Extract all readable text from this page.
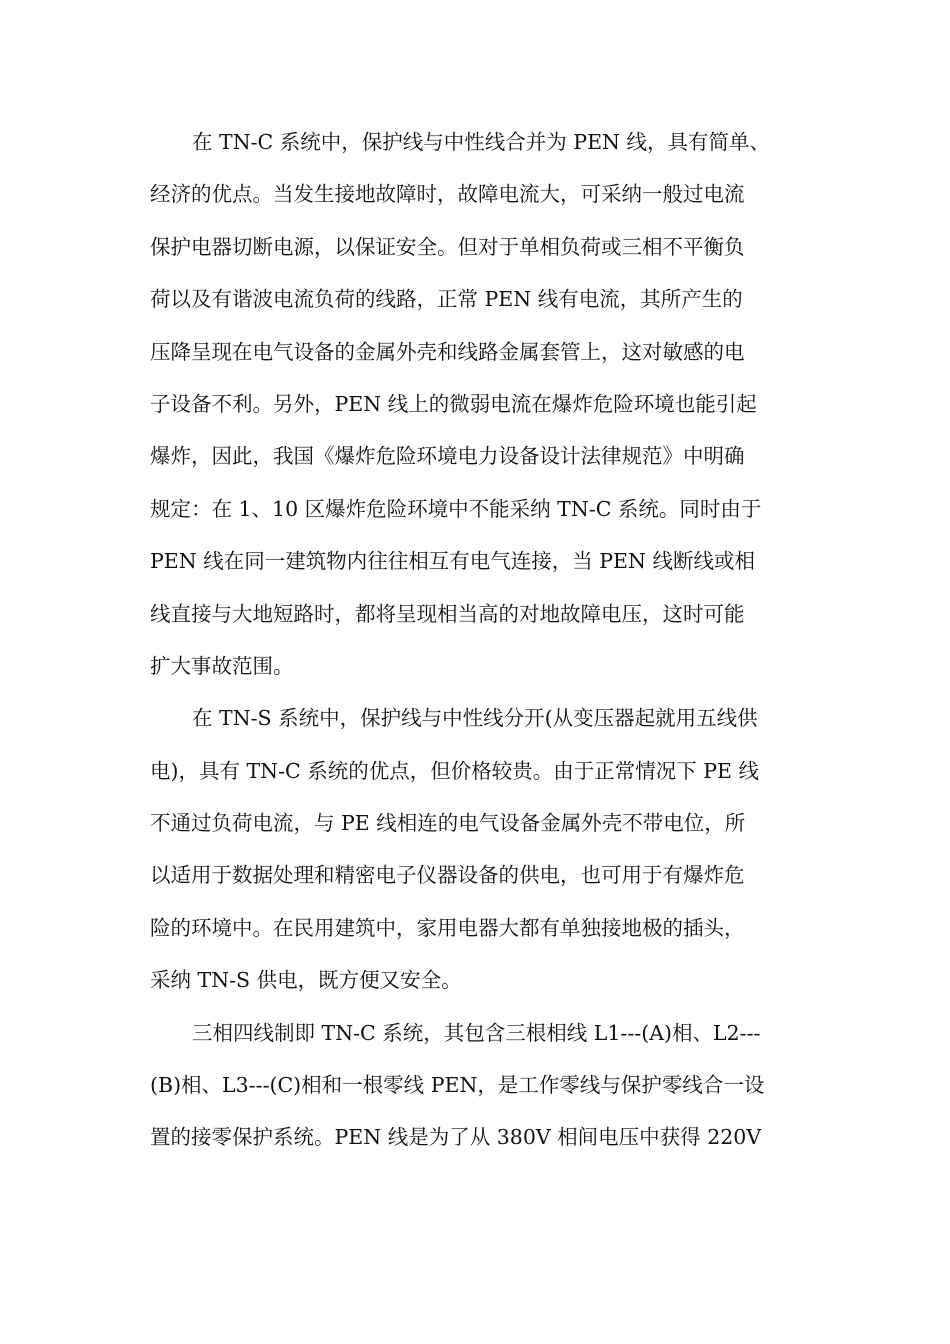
在 TN-C 系统中，保护线与中性线合并为 PEN 线，具有简单、
经济的优点。当发生接地故障时，故障电流大，可采纳一般过电流
保护电器切断电源，以保证安全。但对于单相负荷或三相不平衡负
荷以及有谐波电流负荷的线路，正常 PEN 线有电流，其所产生的
压降呈现在电气设备的金属外壳和线路金属套管上，这对敏感的电
子设备不利。另外，PEN 线上的微弱电流在爆炸危险环境也能引起
爆炸，因此，我国《爆炸危险环境电力设备设计法律规范》中明确
规定：在 1、10 区爆炸危险环境中不能采纳 TN-C 系统。同时由于
PEN 线在同一建筑物内往往相互有电气连接，当 PEN 线断线或相
线直接与大地短路时，都将呈现相当高的对地故障电压，这时可能
扩大事故范围。
在 TN-S 系统中，保护线与中性线分开(从变压器起就用五线供
电)，具有 TN-C 系统的优点，但价格较贵。由于正常情况下 PE 线
不通过负荷电流，与 PE 线相连的电气设备金属外壳不带电位，所
以适用于数据处理和精密电子仪器设备的供电，也可用于有爆炸危
险的环境中。在民用建筑中，家用电器大都有单独接地极的插头，
采纳 TN-S 供电，既方便又安全。
三相四线制即 TN-C 系统，其包含三根相线 L1---(A)相、L2---
(B)相、L3---(C)相和一根零线 PEN，是工作零线与保护零线合一设
置的接零保护系统。PEN 线是为了从 380V 相间电压中获得 220V
